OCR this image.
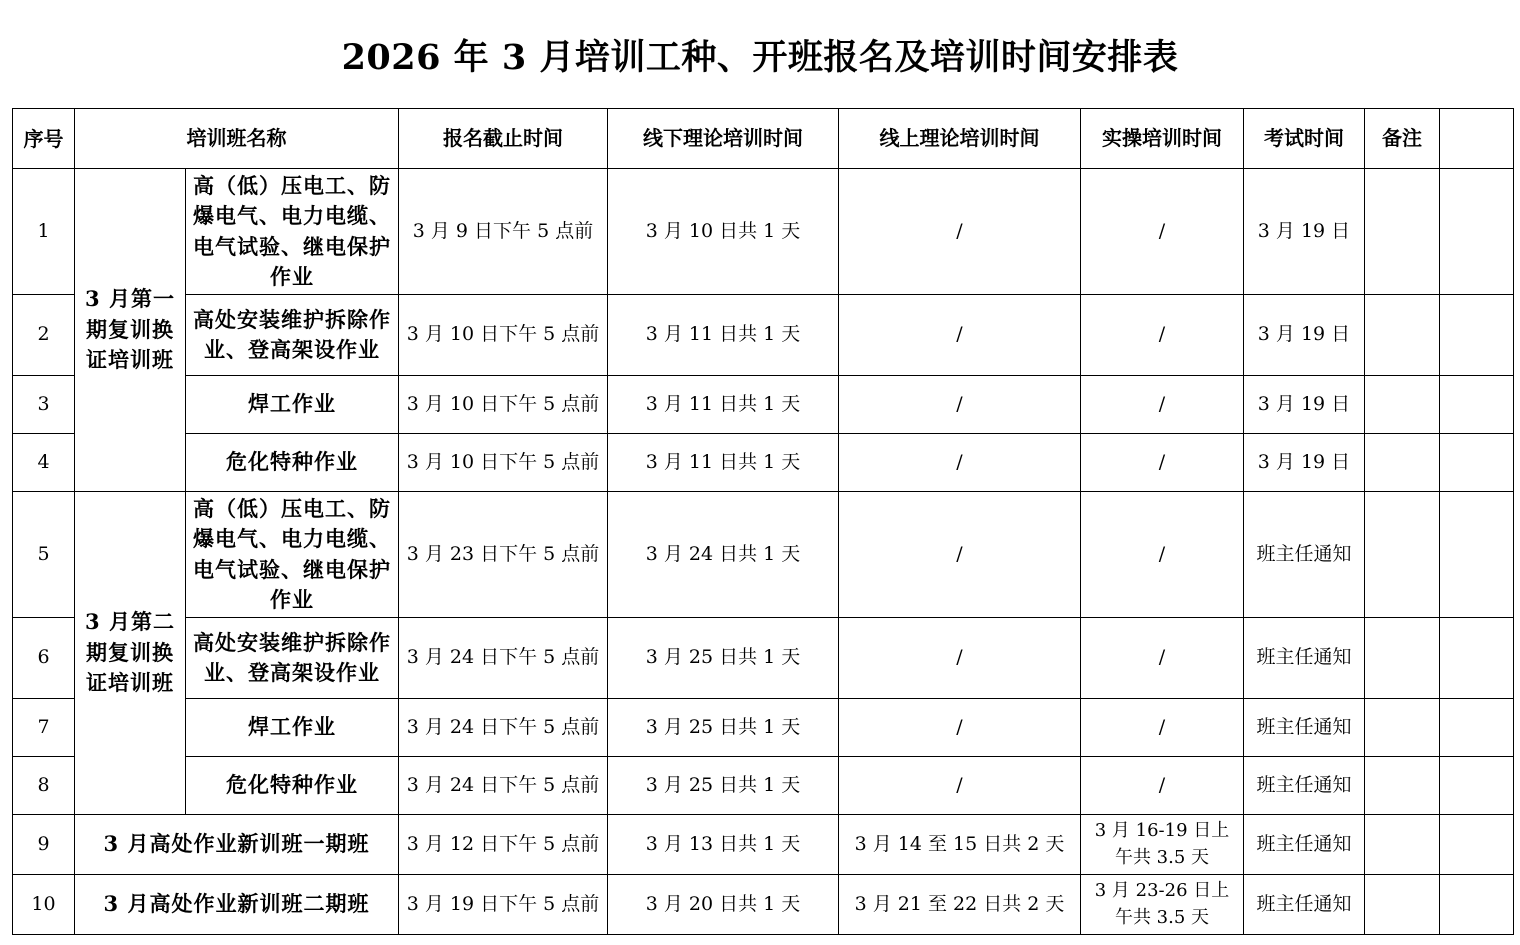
2026 年 3 月培训工种、开班报名及培训时间安排表
序号	培训班名称		报名截止时间	线下理论培训时间	线上理论培训时间	实操培训时间	考试时间	备注	
1	3 月第一期复训换证培训班	高（低）压电工、防爆电气、电力电缆、电气试验、继电保护作业	3 月 9 日下午 5 点前	3 月 10 日共 1 天	/	/	3 月 19 日		
2		高处安装维护拆除作业、登高架设作业	3 月 10 日下午 5 点前	3 月 11 日共 1 天	/	/	3 月 19 日		
3		焊工作业	3 月 10 日下午 5 点前	3 月 11 日共 1 天	/	/	3 月 19 日		
4		危化特种作业	3 月 10 日下午 5 点前	3 月 11 日共 1 天	/	/	3 月 19 日		
5	3 月第二期复训换证培训班	高（低）压电工、防爆电气、电力电缆、电气试验、继电保护作业	3 月 23 日下午 5 点前	3 月 24 日共 1 天	/	/	班主任通知		
6		高处安装维护拆除作业、登高架设作业	3 月 24 日下午 5 点前	3 月 25 日共 1 天	/	/	班主任通知		
7		焊工作业	3 月 24 日下午 5 点前	3 月 25 日共 1 天	/	/	班主任通知		
8		危化特种作业	3 月 24 日下午 5 点前	3 月 25 日共 1 天	/	/	班主任通知		
9	3 月高处作业新训班一期班		3 月 12 日下午 5 点前	3 月 13 日共 1 天	3 月 14 至 15 日共 2 天	3 月 16-19 日上午共 3.5 天	班主任通知		
10	3 月高处作业新训班二期班		3 月 19 日下午 5 点前	3 月 20 日共 1 天	3 月 21 至 22 日共 2 天	3 月 23-26 日上午共 3.5 天	班主任通知		
